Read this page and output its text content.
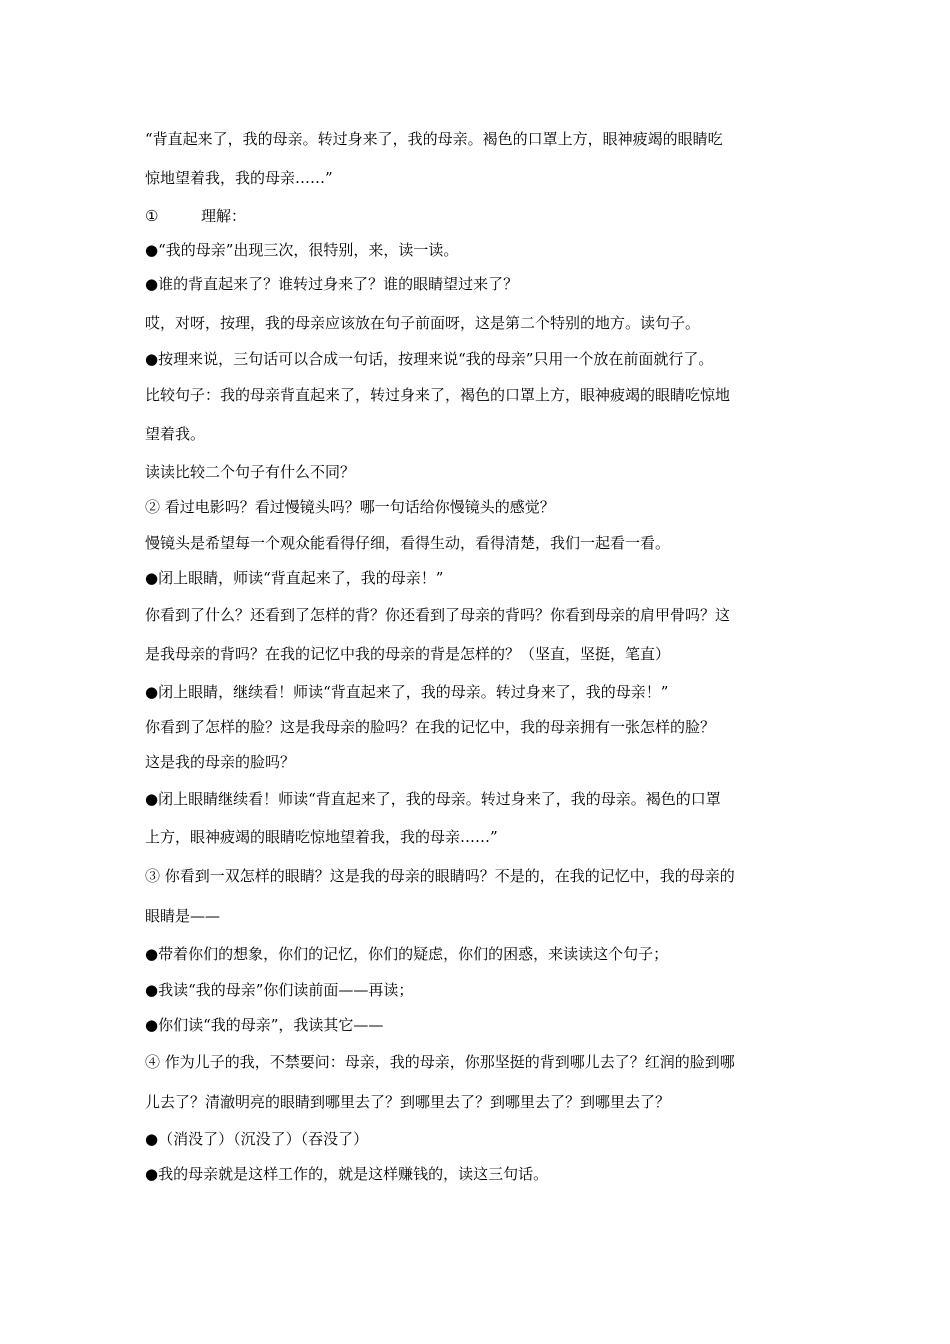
“背直起来了，我的母亲。转过身来了，我的母亲。褐色的口罩上方，眼神疲竭的眼睛吃
惊地望着我，我的母亲……”
①	理解：
●“我的母亲”出现三次，很特别，来，读一读。
●谁的背直起来了？谁转过身来了？谁的眼睛望过来了？
哎，对呀，按理，我的母亲应该放在句子前面呀，这是第二个特别的地方。读句子。
●按理来说，三句话可以合成一句话，按理来说“我的母亲”只用一个放在前面就行了。
比较句子：我的母亲背直起来了，转过身来了，褐色的口罩上方，眼神疲竭的眼睛吃惊地
望着我。
读读比较二个句子有什么不同？
② 看过电影吗？看过慢镜头吗？哪一句话给你慢镜头的感觉？
慢镜头是希望每一个观众能看得仔细，看得生动，看得清楚，我们一起看一看。
●闭上眼睛，师读“背直起来了，我的母亲！”
你看到了什么？还看到了怎样的背？你还看到了母亲的背吗？你看到母亲的肩甲骨吗？这
是我母亲的背吗？在我的记忆中我的母亲的背是怎样的？（坚直，坚挺，笔直）
●闭上眼睛，继续看！师读“背直起来了，我的母亲。转过身来了，我的母亲！”
你看到了怎样的脸？这是我母亲的脸吗？在我的记忆中，我的母亲拥有一张怎样的脸？
这是我的母亲的脸吗？
●闭上眼睛继续看！师读“背直起来了，我的母亲。转过身来了，我的母亲。褐色的口罩
上方，眼神疲竭的眼睛吃惊地望着我，我的母亲……”
③ 你看到一双怎样的眼睛？这是我的母亲的眼睛吗？不是的，在我的记忆中，我的母亲的
眼睛是——
●带着你们的想象，你们的记忆，你们的疑虑，你们的困惑，来读读这个句子；
●我读“我的母亲”你们读前面——再读；
●你们读“我的母亲”，我读其它——
④ 作为儿子的我，不禁要问：母亲，我的母亲，你那坚挺的背到哪儿去了？红润的脸到哪
儿去了？清澈明亮的眼睛到哪里去了？到哪里去了？到哪里去了？到哪里去了？
●（消没了）（沉没了）（吞没了）
●我的母亲就是这样工作的，就是这样赚钱的，读这三句话。
